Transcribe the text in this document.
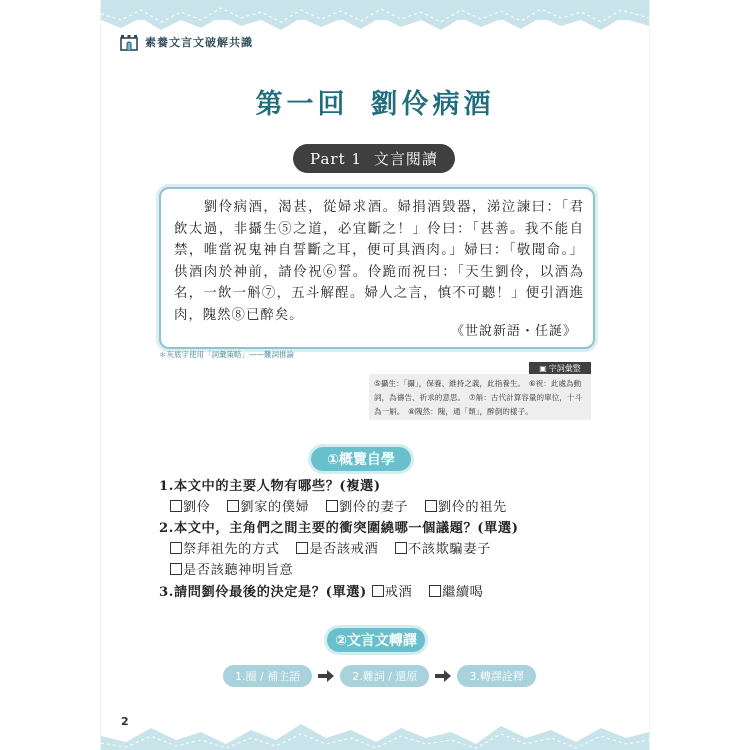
素養文言文破解共識
第一回 劉伶病酒
Part 1 文言閱讀
　　劉伶病酒，渴甚，從婦求酒。婦捐酒毀器，涕泣諫曰：「君飲太過，非攝生⑤之道，必宜斷之！」伶曰：「甚善。我不能自禁，唯當祝鬼神自誓斷之耳，便可具酒肉。」婦曰：「敬聞命。」供酒肉於神前，請伶祝⑥誓。伶跪而祝曰：「天生劉伶，以酒為名，一飲一斛⑦，五斗解酲。婦人之言，慎不可聽！」便引酒進肉，隗然⑧已醉矣。
《世說新語・任誕》
＊灰底字使用「詞彙策略」——難詞推論
▣ 字詞彙整
⑤攝生：「攝」，保養、維持之義，此指養生。　⑥祝：此處為動詞，為禱告、祈求的意思。　⑦斛：古代計算容量的單位，十斗為一斛。　⑧隗然：隗，通「頹」，醉倒的樣子。
①概覽自學
1.本文中的主要人物有哪些？(複選)
劉伶 劉家的僕婦 劉伶的妻子 劉伶的祖先
2.本文中，主角們之間主要的衝突圍繞哪一個議題？(單選)
祭拜祖先的方式 是否該戒酒 不該欺騙妻子 是否該聽神明旨意
3.請問劉伶最後的決定是？(單選) 戒酒 繼續喝
②文言文轉譯
1.圈 / 補主語	2.難詞 / 還原	3.轉譯詮釋
2
